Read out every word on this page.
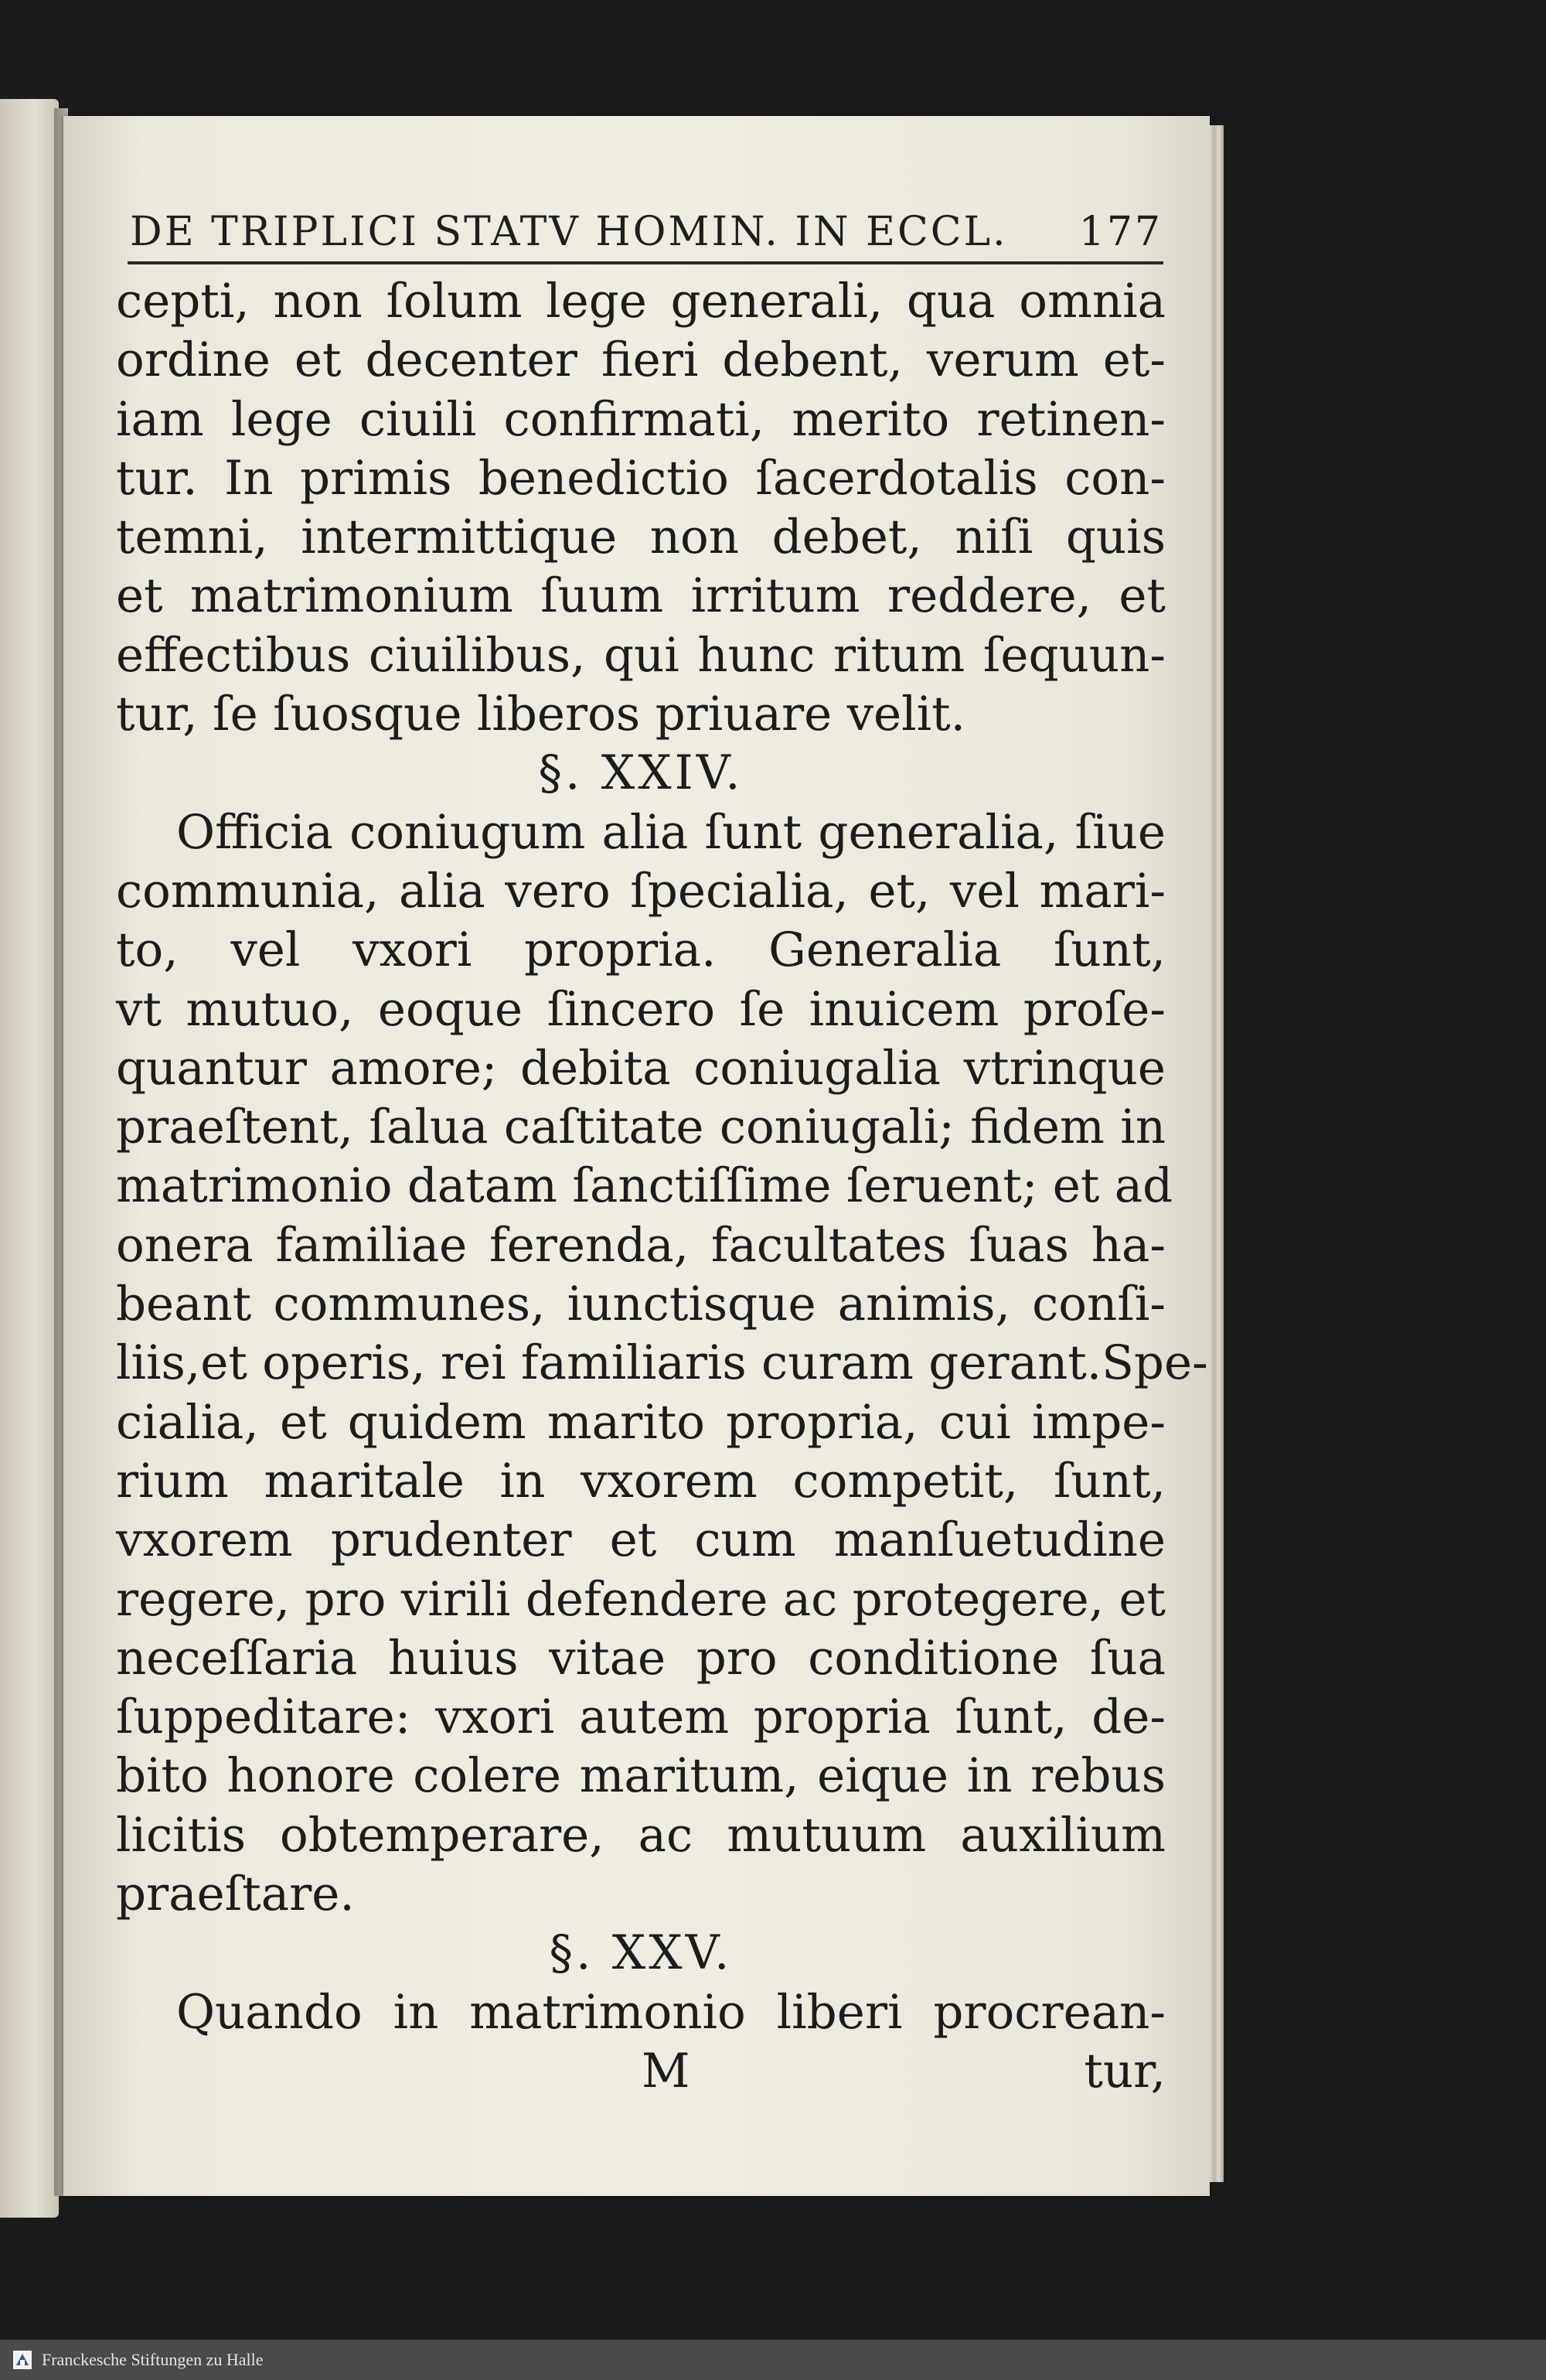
DE TRIPLICI STATV HOMIN. IN ECCL. 177
cepti, non ſolum lege generali, qua omnia
ordine et decenter fieri debent, verum et-
iam lege ciuili confirmati, merito retinen-
tur. In primis benedictio ſacerdotalis con-
temni, intermittique non debet, niſi quis
et matrimonium ſuum irritum reddere, et
effectibus ciuilibus, qui hunc ritum ſequun-
tur, ſe ſuosque liberos priuare velit.
§. XXIV.
Officia coniugum alia ſunt generalia, ſiue
communia, alia vero ſpecialia, et, vel mari-
to, vel vxori propria. Generalia ſunt,
vt mutuo, eoque ſincero ſe inuicem proſe-
quantur amore; debita coniugalia vtrinque
praeſtent, ſalua caſtitate coniugali; fidem in
matrimonio datam ſanctiſſime ſeruent; et ad
onera familiae ferenda, facultates ſuas ha-
beant communes, iunctisque animis, conſi-
liis,et operis, rei familiaris curam gerant.Spe-
cialia, et quidem marito propria, cui impe-
rium maritale in vxorem competit, ſunt,
vxorem prudenter et cum manſuetudine
regere, pro virili defendere ac protegere, et
neceſſaria huius vitae pro conditione ſua
ſuppeditare: vxori autem propria ſunt, de-
bito honore colere maritum, eique in rebus
licitis obtemperare, ac mutuum auxilium
praeſtare.
§. XXV.
Quando in matrimonio liberi procrean-
M	tur,
Franckesche Stiftungen zu Halle
